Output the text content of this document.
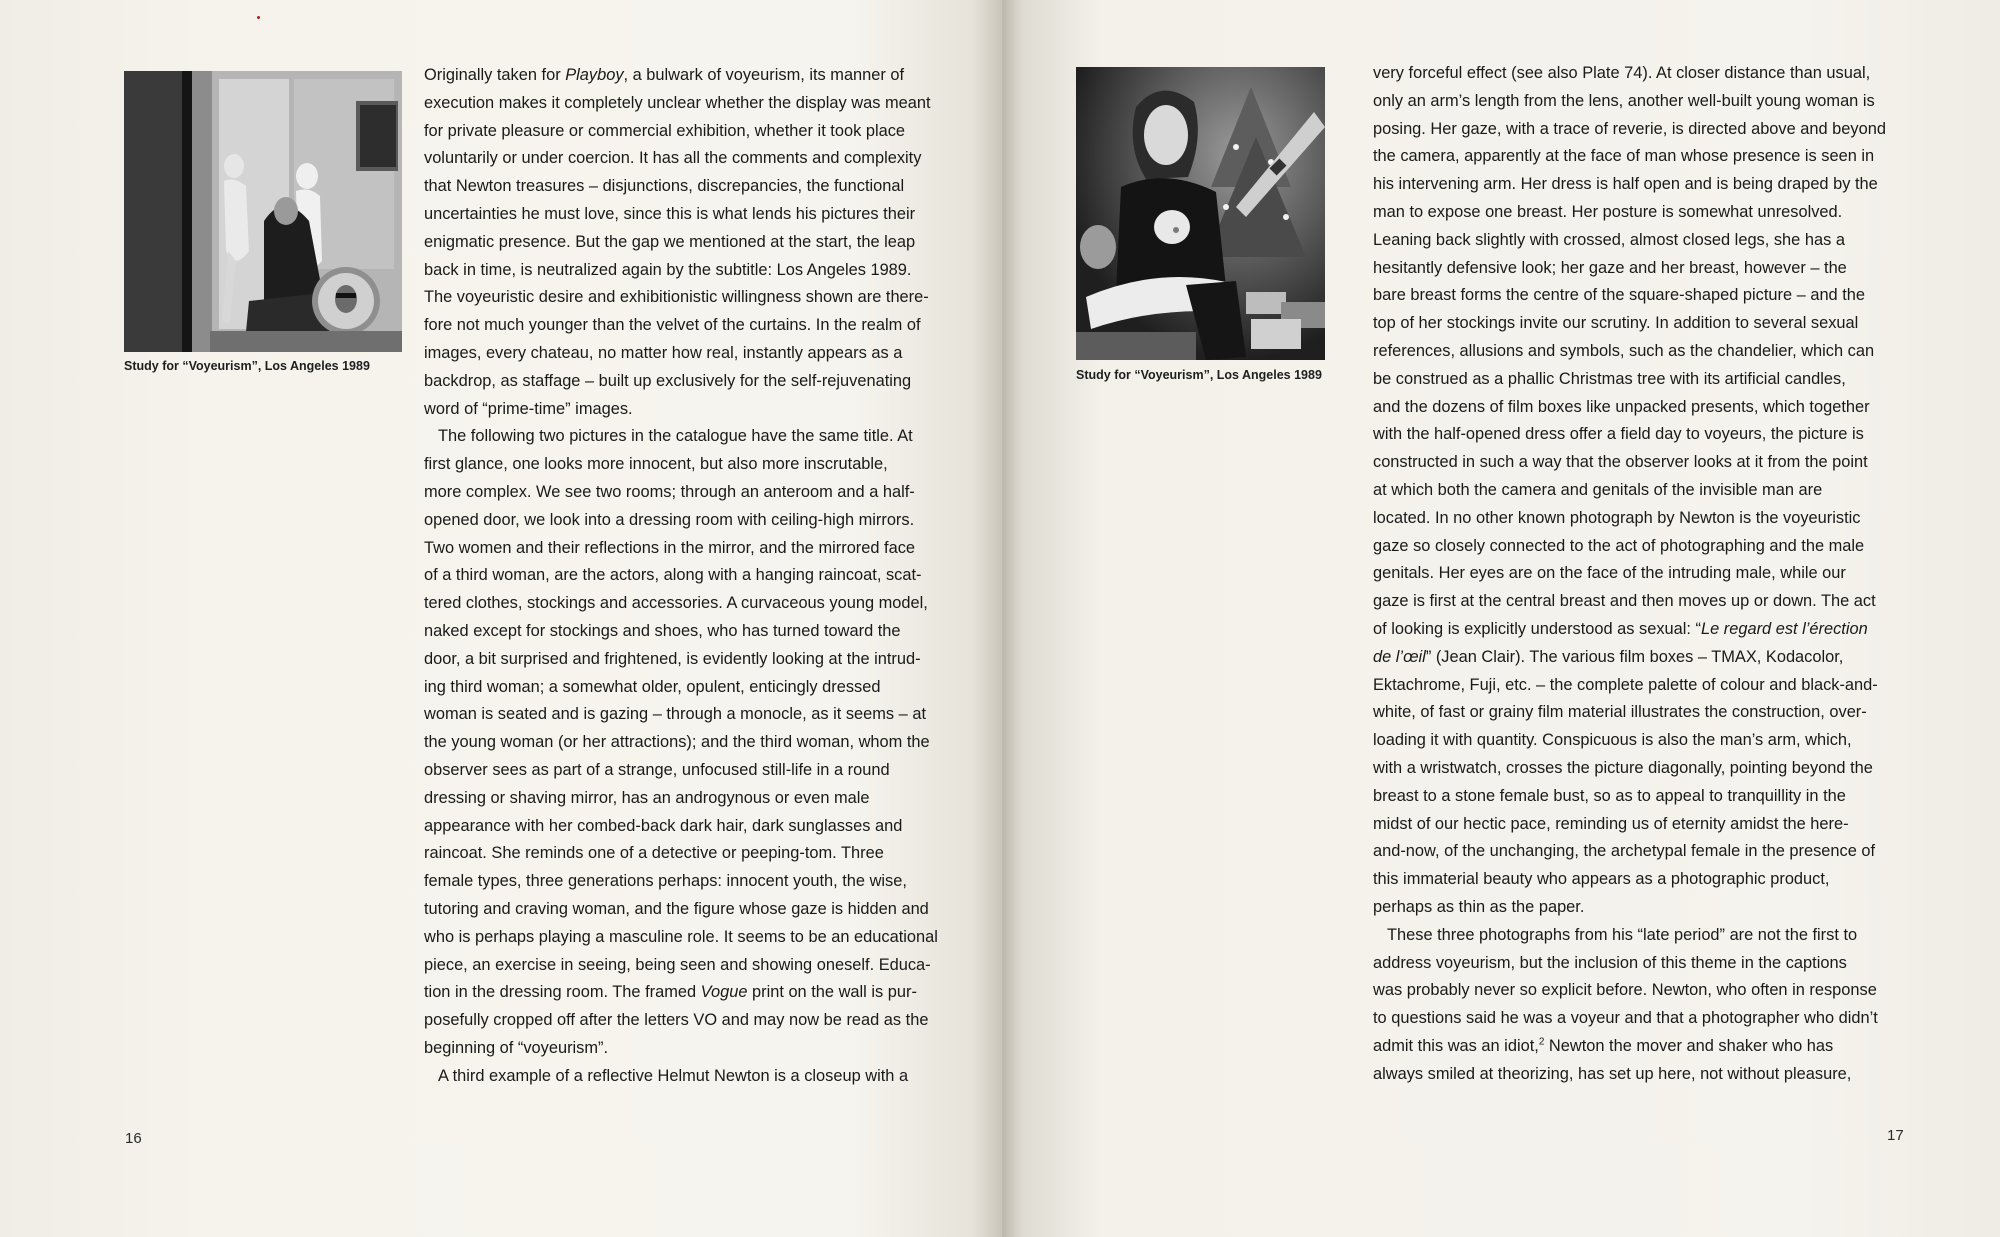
Study for “Voyeurism”, Los Angeles 1989
Originally taken for Playboy, a bulwark of voyeurism, its manner of
execution makes it completely unclear whether the display was meant
for private pleasure or commercial exhibition, whether it took place
voluntarily or under coercion. It has all the comments and complexity
that Newton treasures – disjunctions, discrepancies, the functional
uncertainties he must love, since this is what lends his pictures their
enigmatic presence. But the gap we mentioned at the start, the leap
back in time, is neutralized again by the subtitle: Los Angeles 1989.
The voyeuristic desire and exhibitionistic willingness shown are there-
fore not much younger than the velvet of the curtains. In the realm of
images, every chateau, no matter how real, instantly appears as a
backdrop, as staffage – built up exclusively for the self-rejuvenating
word of “prime-time” images.
The following two pictures in the catalogue have the same title. At
first glance, one looks more innocent, but also more inscrutable,
more complex. We see two rooms; through an anteroom and a half-
opened door, we look into a dressing room with ceiling-high mirrors.
Two women and their reflections in the mirror, and the mirrored face
of a third woman, are the actors, along with a hanging raincoat, scat-
tered clothes, stockings and accessories. A curvaceous young model,
naked except for stockings and shoes, who has turned toward the
door, a bit surprised and frightened, is evidently looking at the intrud-
ing third woman; a somewhat older, opulent, enticingly dressed
woman is seated and is gazing – through a monocle, as it seems – at
the young woman (or her attractions); and the third woman, whom the
observer sees as part of a strange, unfocused still-life in a round
dressing or shaving mirror, has an androgynous or even male
appearance with her combed-back dark hair, dark sunglasses and
raincoat. She reminds one of a detective or peeping-tom. Three
female types, three generations perhaps: innocent youth, the wise,
tutoring and craving woman, and the figure whose gaze is hidden and
who is perhaps playing a masculine role. It seems to be an educational
piece, an exercise in seeing, being seen and showing oneself. Educa-
tion in the dressing room. The framed Vogue print on the wall is pur-
posefully cropped off after the letters VO and may now be read as the
beginning of “voyeurism”.
A third example of a reflective Helmut Newton is a closeup with a
16
Study for “Voyeurism”, Los Angeles 1989
very forceful effect (see also Plate 74). At closer distance than usual,
only an arm’s length from the lens, another well-built young woman is
posing. Her gaze, with a trace of reverie, is directed above and beyond
the camera, apparently at the face of man whose presence is seen in
his intervening arm. Her dress is half open and is being draped by the
man to expose one breast. Her posture is somewhat unresolved.
Leaning back slightly with crossed, almost closed legs, she has a
hesitantly defensive look; her gaze and her breast, however – the
bare breast forms the centre of the square-shaped picture – and the
top of her stockings invite our scrutiny. In addition to several sexual
references, allusions and symbols, such as the chandelier, which can
be construed as a phallic Christmas tree with its artificial candles,
and the dozens of film boxes like unpacked presents, which together
with the half-opened dress offer a field day to voyeurs, the picture is
constructed in such a way that the observer looks at it from the point
at which both the camera and genitals of the invisible man are
located. In no other known photograph by Newton is the voyeuristic
gaze so closely connected to the act of photographing and the male
genitals. Her eyes are on the face of the intruding male, while our
gaze is first at the central breast and then moves up or down. The act
of looking is explicitly understood as sexual: “Le regard est l’érection
de l’œil” (Jean Clair). The various film boxes – TMAX, Kodacolor,
Ektachrome, Fuji, etc. – the complete palette of colour and black-and-
white, of fast or grainy film material illustrates the construction, over-
loading it with quantity. Conspicuous is also the man’s arm, which,
with a wristwatch, crosses the picture diagonally, pointing beyond the
breast to a stone female bust, so as to appeal to tranquillity in the
midst of our hectic pace, reminding us of eternity amidst the here-
and-now, of the unchanging, the archetypal female in the presence of
this immaterial beauty who appears as a photographic product,
perhaps as thin as the paper.
These three photographs from his “late period” are not the first to
address voyeurism, but the inclusion of this theme in the captions
was probably never so explicit before. Newton, who often in response
to questions said he was a voyeur and that a photographer who didn’t
admit this was an idiot,$^2$ Newton the mover and shaker who has
always smiled at theorizing, has set up here, not without pleasure,
17
